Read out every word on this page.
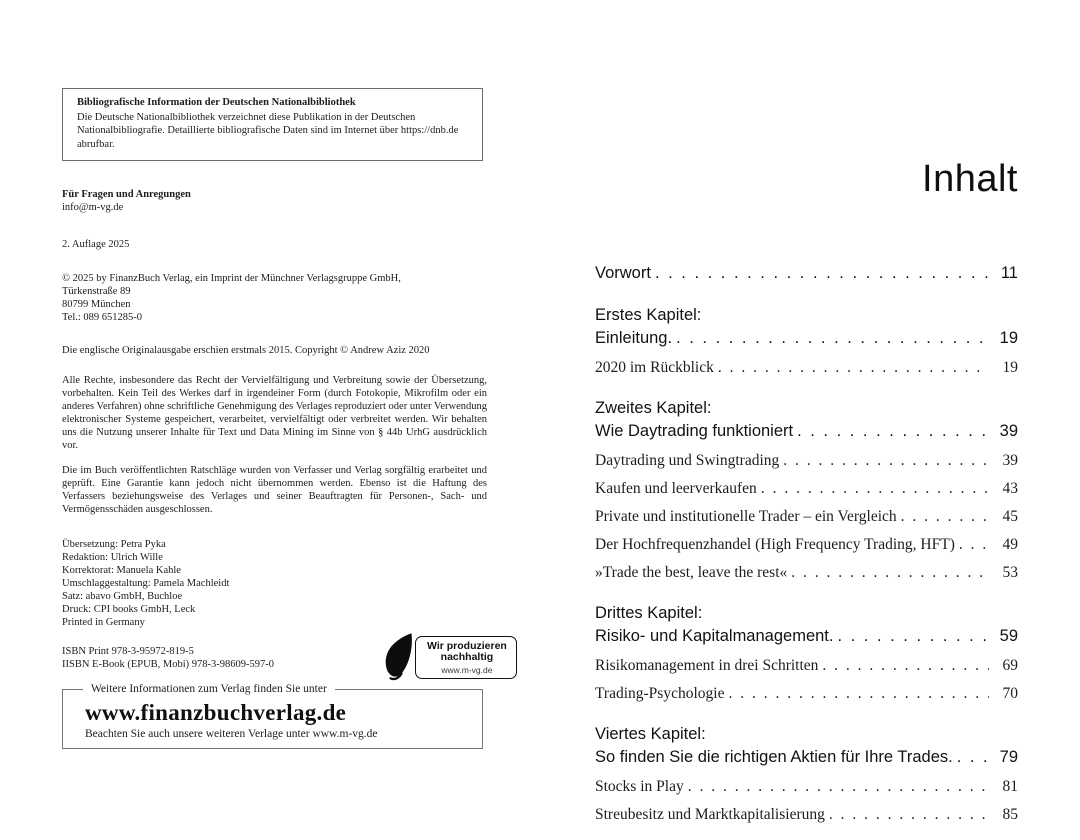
Bibliografische Information der Deutschen Nationalbibliothek
Die Deutsche Nationalbibliothek verzeichnet diese Publikation in der Deutschen Nationalbibliografie. Detaillierte bibliografische Daten sind im Internet über https://dnb.de abrufbar.
Für Fragen und Anregungen
info@m-vg.de
2. Auflage 2025
© 2025 by FinanzBuch Verlag, ein Imprint der Münchner Verlagsgruppe GmbH,
Türkenstraße 89
80799 München
Tel.: 089 651285-0
Die englische Originalausgabe erschien erstmals 2015. Copyright © Andrew Aziz 2020
Alle Rechte, insbesondere das Recht der Vervielfältigung und Verbreitung sowie der Übersetzung, vorbehalten. Kein Teil des Werkes darf in irgendeiner Form (durch Fotokopie, Mikrofilm oder ein anderes Verfahren) ohne schriftliche Genehmigung des Verlages reproduziert oder unter Verwendung elektronischer Systeme gespeichert, verarbeitet, vervielfältigt oder verbreitet werden. Wir behalten uns die Nutzung unserer Inhalte für Text und Data Mining im Sinne von § 44b UrhG ausdrücklich vor.
Die im Buch veröffentlichten Ratschläge wurden von Verfasser und Verlag sorgfältig erarbeitet und geprüft. Eine Garantie kann jedoch nicht übernommen werden. Ebenso ist die Haftung des Verfassers beziehungsweise des Verlages und seiner Beauftragten für Personen-, Sach- und Vermögensschäden ausgeschlossen.
Übersetzung: Petra Pyka
Redaktion: Ulrich Wille
Korrektorat: Manuela Kahle
Umschlaggestaltung: Pamela Machleidt
Satz: abavo GmbH, Buchloe
Druck: CPI books GmbH, Leck
Printed in Germany
ISBN Print 978-3-95972-819-5
IISBN E-Book (EPUB, Mobi) 978-3-98609-597-0
Wir produzieren
nachhaltig
www.m-vg.de
Weitere Informationen zum Verlag finden Sie unter
www.finanzbuchverlag.de
Beachten Sie auch unsere weiteren Verlage unter www.m-vg.de
Inhalt
Vorwort . . .	11
Erstes Kapitel:
Einleitung. . . .	19
2020 im Rückblick . . .	19
Zweites Kapitel:
Wie Daytrading funktioniert . . .	39
Daytrading und Swingtrading . . .	39
Kaufen und leerverkaufen . . .	43
Private und institutionelle Trader – ein Vergleich . . .	45
Der Hochfrequenzhandel (High Frequency Trading, HFT) . . .	49
»Trade the best, leave the rest« . . .	53
Drittes Kapitel:
Risiko- und Kapitalmanagement. . . .	59
Risikomanagement in drei Schritten . . .	69
Trading-Psychologie . . .	70
Viertes Kapitel:
So finden Sie die richtigen Aktien für Ihre Trades. . . .	79
Stocks in Play . . .	81
Streubesitz und Marktkapitalisierung . . .	85
